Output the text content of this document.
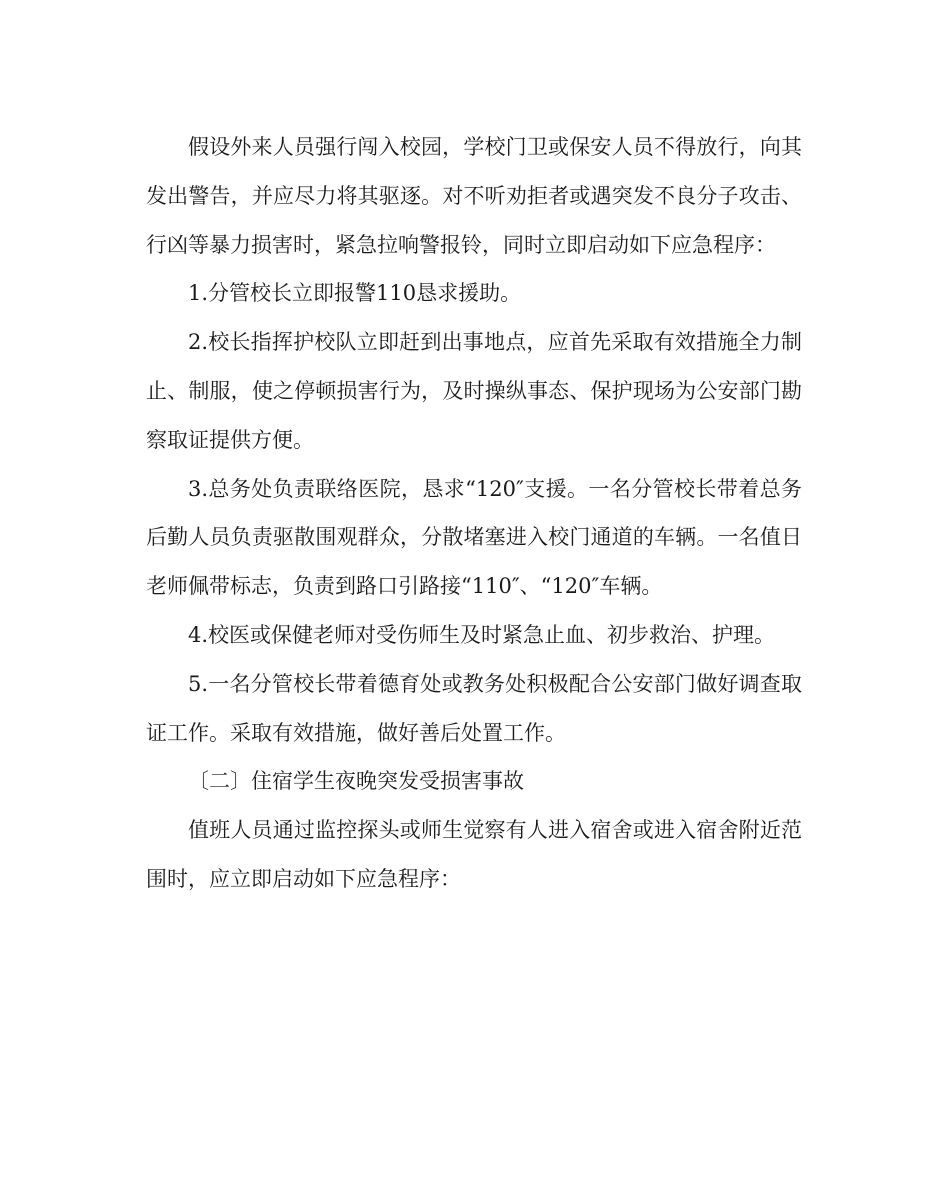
假设外来人员强行闯入校园，学校门卫或保安人员不得放行，向其发出警告，并应尽力将其驱逐。对不听劝拒者或遇突发不良分子攻击、行凶等暴力损害时，紧急拉响警报铃，同时立即启动如下应急程序：

1.分管校长立即报警110恳求援助。

2.校长指挥护校队立即赶到出事地点，应首先采取有效措施全力制止、制服，使之停顿损害行为，及时操纵事态、保护现场为公安部门勘察取证提供方便。

3.总务处负责联络医院，恳求“120″支援。一名分管校长带着总务后勤人员负责驱散围观群众，分散堵塞进入校门通道的车辆。一名值日老师佩带标志，负责到路口引路接“110″、“120″车辆。

4.校医或保健老师对受伤师生及时紧急止血、初步救治、护理。

5.一名分管校长带着德育处或教务处积极配合公安部门做好调查取证工作。采取有效措施，做好善后处置工作。

〔二〕住宿学生夜晚突发受损害事故

值班人员通过监控探头或师生觉察有人进入宿舍或进入宿舍附近范围时，应立即启动如下应急程序：
